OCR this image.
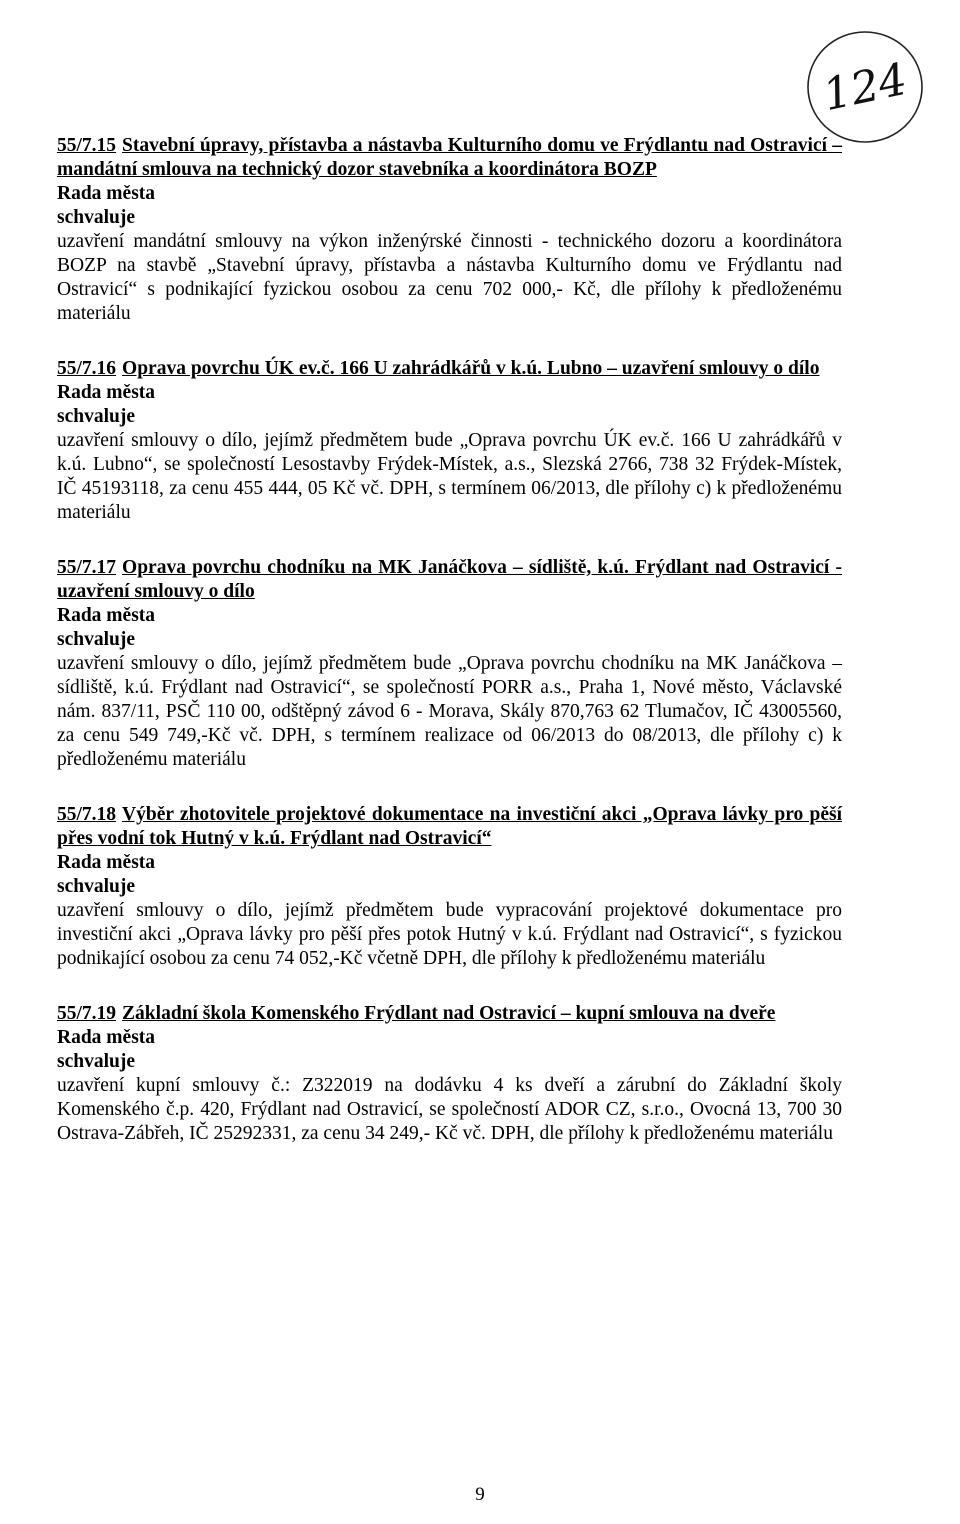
124
55/7.15 Stavební úpravy, přístavba a nástavba Kulturního domu ve Frýdlantu nad Ostravicí – mandátní smlouva na technický dozor stavebníka a koordinátora BOZP
Rada města
schvaluje
uzavření mandátní smlouvy na výkon inženýrské činnosti - technického dozoru a koordinátora BOZP na stavbě „Stavební úpravy, přístavba a nástavba Kulturního domu ve Frýdlantu nad Ostravicí“ s podnikající fyzickou osobou za cenu 702 000,- Kč, dle přílohy k předloženému materiálu
55/7.16 Oprava povrchu ÚK ev.č. 166 U zahrádkářů v k.ú. Lubno – uzavření smlouvy o dílo
Rada města
schvaluje
uzavření smlouvy o dílo, jejímž předmětem bude „Oprava povrchu ÚK ev.č. 166 U zahrádkářů v k.ú. Lubno“, se společností Lesostavby Frýdek-Místek, a.s., Slezská 2766, 738 32 Frýdek-Místek, IČ 45193118, za cenu 455 444, 05 Kč vč. DPH, s termínem 06/2013, dle přílohy c) k předloženému materiálu
55/7.17 Oprava povrchu chodníku na MK Janáčkova – sídliště, k.ú. Frýdlant nad Ostravicí - uzavření smlouvy o dílo
Rada města
schvaluje
uzavření smlouvy o dílo, jejímž předmětem bude „Oprava povrchu chodníku na MK Janáčkova – sídliště, k.ú. Frýdlant nad Ostravicí“, se společností PORR a.s., Praha 1, Nové město, Václavské nám. 837/11, PSČ 110 00, odštěpný závod 6 - Morava, Skály 870,763 62 Tlumačov, IČ 43005560, za cenu 549 749,-Kč vč. DPH, s termínem realizace od 06/2013 do 08/2013, dle přílohy c) k předloženému materiálu
55/7.18 Výběr zhotovitele projektové dokumentace na investiční akci „Oprava lávky pro pěší přes vodní tok Hutný v k.ú. Frýdlant nad Ostravicí“
Rada města
schvaluje
uzavření smlouvy o dílo, jejímž předmětem bude vypracování projektové dokumentace pro investiční akci „Oprava lávky pro pěší přes potok Hutný v k.ú. Frýdlant nad Ostravicí“, s fyzickou podnikající osobou za cenu 74 052,-Kč včetně DPH, dle přílohy k předloženému materiálu
55/7.19 Základní škola Komenského Frýdlant nad Ostravicí – kupní smlouva na dveře
Rada města
schvaluje
uzavření kupní smlouvy č.: Z322019 na dodávku 4 ks dveří a zárubní do Základní školy Komenského č.p. 420, Frýdlant nad Ostravicí, se společností ADOR CZ, s.r.o., Ovocná 13, 700 30 Ostrava-Zábřeh, IČ 25292331, za cenu 34 249,- Kč vč. DPH, dle přílohy k předloženému materiálu
9
